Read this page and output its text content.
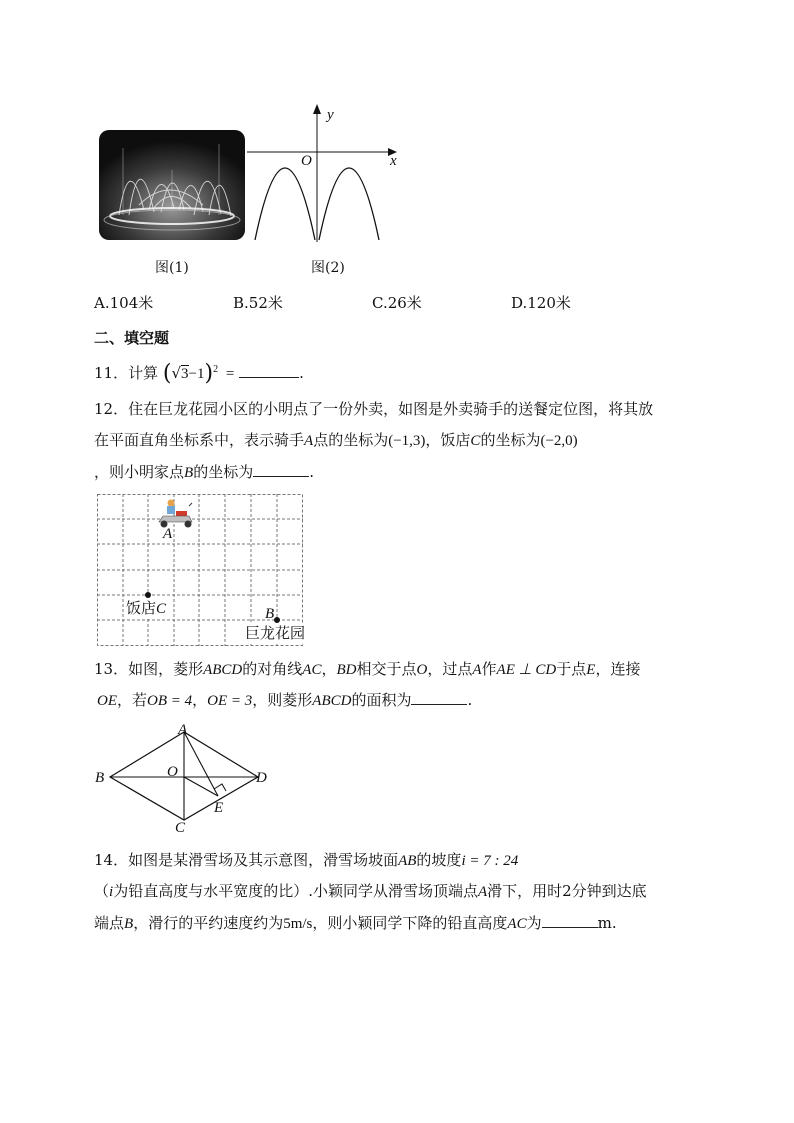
图(1)
y
x
O
图(2)
A.104米	B.52米	C.26米	D.120米
二、填空题
11．计算 $(√3-1)^2$ =	.
12．住在巨龙花园小区的小明点了一份外卖，如图是外卖骑手的送餐定位图，将其放
在平面直角坐标系中，表示骑手A点的坐标为(−1,3)，饭店C的坐标为(−2,0)
，则小明家点B的坐标为	.
A
饭店C	B
巨龙花园
13．如图，菱形ABCD的对角线AC，BD相交于点O，过点A作AE ⊥ CD于点E，连接
OE，若OB = 4，OE = 3，则菱形ABCD的面积为	.
A
B	O	D
E
C
14．如图是某滑雪场及其示意图，滑雪场坡面AB的坡度i = 7 : 24
（i为铅直高度与水平宽度的比）.小颖同学从滑雪场顶端点A滑下，用时2分钟到达底
端点B，滑行的平约速度约为5m/s，则小颖同学下降的铅直高度AC为	m.
